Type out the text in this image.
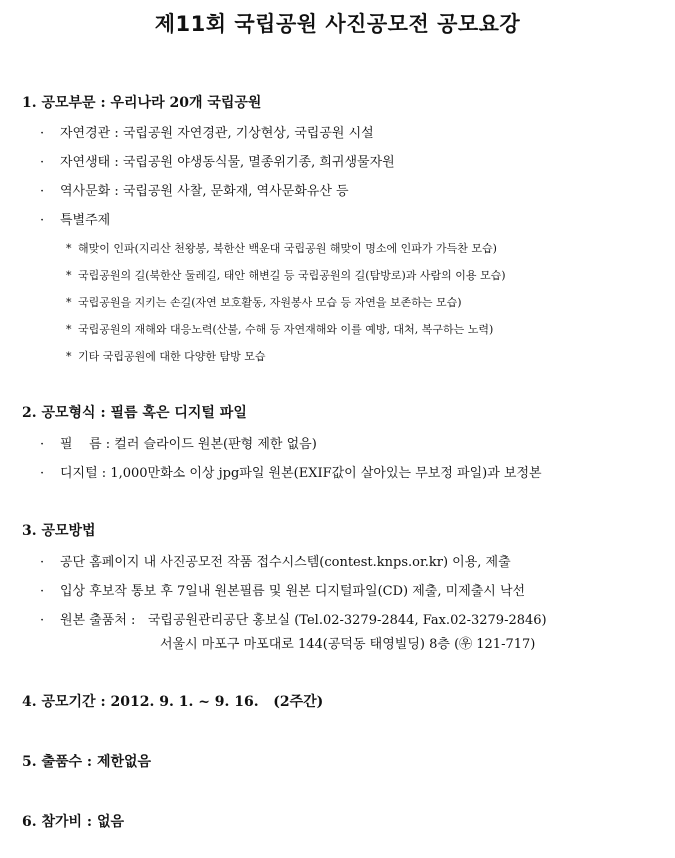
제11회 국립공원 사진공모전 공모요강
1. 공모부문 : 우리나라 20개 국립공원
· 자연경관 : 국립공원 자연경관, 기상현상, 국립공원 시설
· 자연생태 : 국립공원 야생동식물, 멸종위기종, 희귀생물자원
· 역사문화 : 국립공원 사찰, 문화재, 역사문화유산 등
· 특별주제
* 해맞이 인파(지리산 천왕봉, 북한산 백운대 국립공원 해맞이 명소에 인파가 가득찬 모습)
* 국립공원의 길(북한산 둘레길, 태안 해변길 등 국립공원의 길(탐방로)과 사람의 이용 모습)
* 국립공원을 지키는 손길(자연 보호활동, 자원봉사 모습 등 자연을 보존하는 모습)
* 국립공원의 재해와 대응노력(산불, 수해 등 자연재해와 이를 예방, 대처, 복구하는 노력)
* 기타 국립공원에 대한 다양한 탐방 모습
2. 공모형식 : 필름 혹은 디지털 파일
· 필    름 : 컬러 슬라이드 원본(판형 제한 없음)
· 디지털 : 1,000만화소 이상 jpg파일 원본(EXIF값이 살아있는 무보정 파일)과 보정본
3. 공모방법
· 공단 홈페이지 내 사진공모전 작품 접수시스템(contest.knps.or.kr) 이용, 제출
· 입상 후보작 통보 후 7일내 원본필름 및 원본 디지털파일(CD) 제출, 미제출시 낙선
· 원본 출품처 :   국립공원관리공단 홍보실 (Tel.02-3279-2844, Fax.02-3279-2846)
서울시 마포구 마포대로 144(공덕동 태영빌딩) 8층 (㉾ 121-717)
4. 공모기간 : 2012. 9. 1. ~ 9. 16.   (2주간)
5. 출품수 : 제한없음
6. 참가비 : 없음
